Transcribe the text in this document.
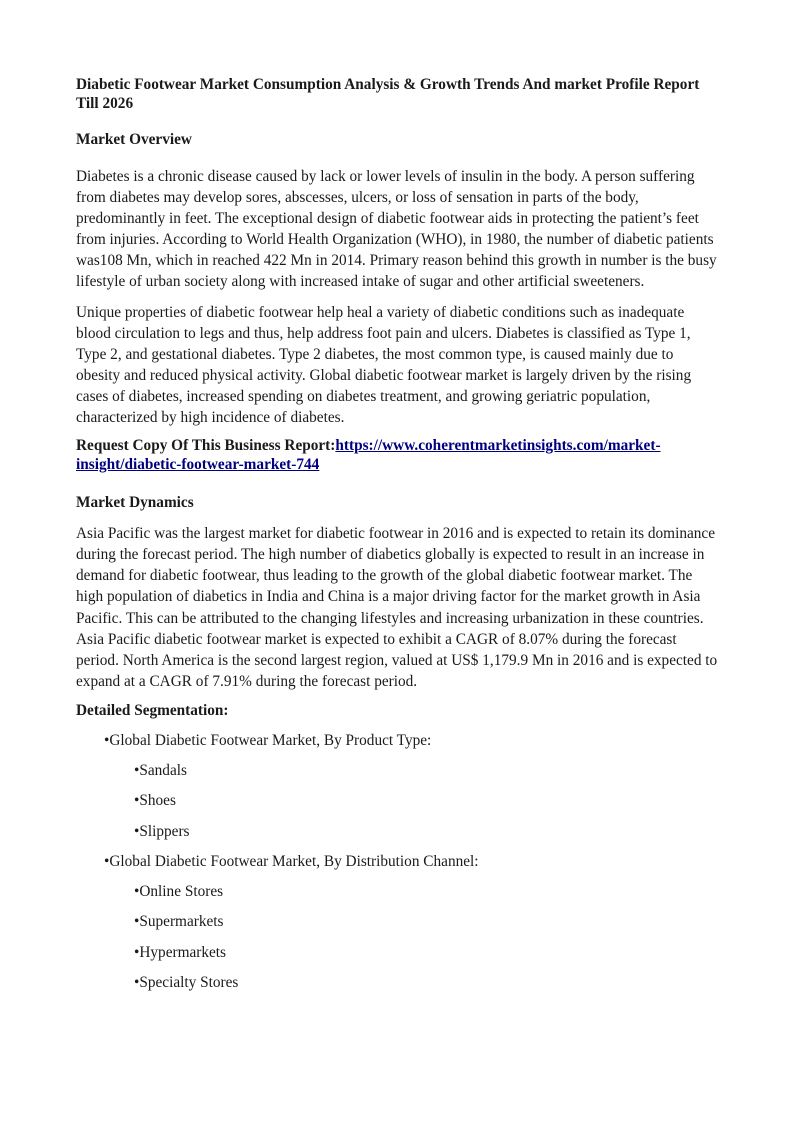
Diabetic Footwear Market Consumption Analysis & Growth Trends And market Profile Report Till 2026
Market Overview

Diabetes is a chronic disease caused by lack or lower levels of insulin in the body. A person suffering from diabetes may develop sores, abscesses, ulcers, or loss of sensation in parts of the body, predominantly in feet. The exceptional design of diabetic footwear aids in protecting the patient’s feet from injuries. According to World Health Organization (WHO), in 1980, the number of diabetic patients was108 Mn, which in reached 422 Mn in 2014. Primary reason behind this growth in number is the busy lifestyle of urban society along with increased intake of sugar and other artificial sweeteners.

Unique properties of diabetic footwear help heal a variety of diabetic conditions such as inadequate blood circulation to legs and thus, help address foot pain and ulcers. Diabetes is classified as Type 1, Type 2, and gestational diabetes. Type 2 diabetes, the most common type, is caused mainly due to obesity and reduced physical activity. Global diabetic footwear market is largely driven by the rising cases of diabetes, increased spending on diabetes treatment, and growing geriatric population, characterized by high incidence of diabetes.

Request Copy Of This Business Report:https://www.coherentmarketinsights.com/market-insight/diabetic-footwear-market-744
Market Dynamics

Asia Pacific was the largest market for diabetic footwear in 2016 and is expected to retain its dominance during the forecast period. The high number of diabetics globally is expected to result in an increase in demand for diabetic footwear, thus leading to the growth of the global diabetic footwear market. The high population of diabetics in India and China is a major driving factor for the market growth in Asia Pacific. This can be attributed to the changing lifestyles and increasing urbanization in these countries. Asia Pacific diabetic footwear market is expected to exhibit a CAGR of 8.07% during the forecast period. North America is the second largest region, valued at US$ 1,179.9 Mn in 2016 and is expected to expand at a CAGR of 7.91% during the forecast period.

Detailed Segmentation:
•Global Diabetic Footwear Market, By Product Type:
•Sandals
•Shoes
•Slippers
•Global Diabetic Footwear Market, By Distribution Channel:
•Online Stores
•Supermarkets
•Hypermarkets
•Specialty Stores
